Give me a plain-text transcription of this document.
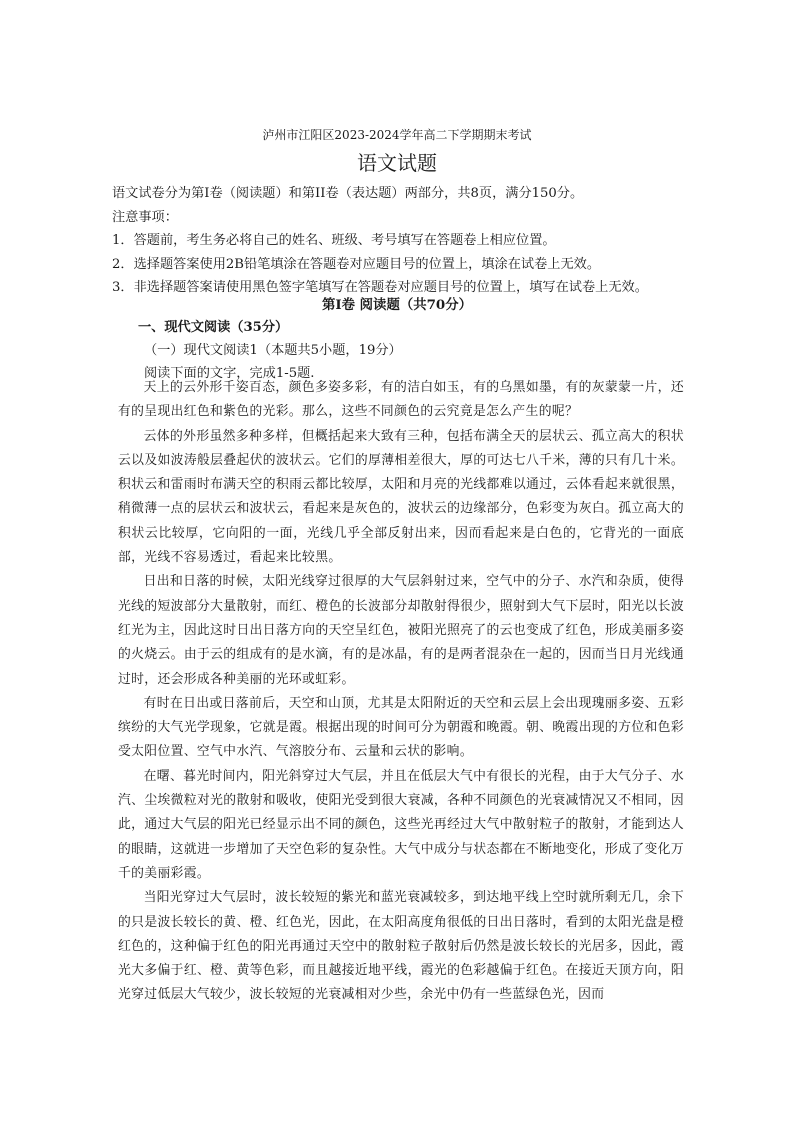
泸州市江阳区2023-2024学年高二下学期期末考试
语文试题

语文试卷分为第I卷（阅读题）和第II卷（表达题）两部分，共8页，满分150分。

注意事项：

1．答题前，考生务必将自己的姓名、班级、考号填写在答题卷上相应位置。

2．选择题答案使用2B铅笔填涂在答题卷对应题目号的位置上，填涂在试卷上无效。

3．非选择题答案请使用黑色签字笔填写在答题卷对应题目号的位置上，填写在试卷上无效。

第I卷 阅读题（共70分）
一、现代文阅读（35分）
（一）现代文阅读1（本题共5小题，19分）
阅读下面的文字，完成1-5题.

天上的云外形千姿百态，颜色多姿多彩，有的洁白如玉，有的乌黑如墨，有的灰蒙蒙一片，还有的呈现出红色和紫色的光彩。那么，这些不同颜色的云究竟是怎么产生的呢？

云体的外形虽然多种多样，但概括起来大致有三种，包括布满全天的层状云、孤立高大的积状云以及如波涛般层叠起伏的波状云。它们的厚薄相差很大，厚的可达七八千米，薄的只有几十米。积状云和雷雨时布满天空的积雨云都比较厚，太阳和月亮的光线都难以通过，云体看起来就很黑，稍微薄一点的层状云和波状云，看起来是灰色的，波状云的边缘部分，色彩变为灰白。孤立高大的积状云比较厚，它向阳的一面，光线几乎全部反射出来，因而看起来是白色的，它背光的一面底部，光线不容易透过，看起来比较黑。

日出和日落的时候，太阳光线穿过很厚的大气层斜射过来，空气中的分子、水汽和杂质，使得光线的短波部分大量散射，而红、橙色的长波部分却散射得很少，照射到大气下层时，阳光以长波红光为主，因此这时日出日落方向的天空呈红色，被阳光照亮了的云也变成了红色，形成美丽多姿的火烧云。由于云的组成有的是水滴，有的是冰晶，有的是两者混杂在一起的，因而当日月光线通过时，还会形成各种美丽的光环或虹彩。

有时在日出或日落前后，天空和山顶，尤其是太阳附近的天空和云层上会出现瑰丽多姿、五彩缤纷的大气光学现象，它就是霞。根据出现的时间可分为朝霞和晚霞。朝、晚霞出现的方位和色彩受太阳位置、空气中水汽、气溶胶分布、云量和云状的影响。

在曙、暮光时间内，阳光斜穿过大气层，并且在低层大气中有很长的光程，由于大气分子、水汽、尘埃微粒对光的散射和吸收，使阳光受到很大衰减，各种不同颜色的光衰减情况又不相同，因此，通过大气层的阳光已经显示出不同的颜色，这些光再经过大气中散射粒子的散射，才能到达人的眼睛，这就进一步增加了天空色彩的复杂性。大气中成分与状态都在不断地变化，形成了变化万千的美丽彩霞。

当阳光穿过大气层时，波长较短的紫光和蓝光衰减较多，到达地平线上空时就所剩无几，余下的只是波长较长的黄、橙、红色光，因此，在太阳高度角很低的日出日落时，看到的太阳光盘是橙红色的，这种偏于红色的阳光再通过天空中的散射粒子散射后仍然是波长较长的光居多，因此，霞光大多偏于红、橙、黄等色彩，而且越接近地平线，霞光的色彩越偏于红色。在接近天顶方向，阳光穿过低层大气较少，波长较短的光衰减相对少些，余光中仍有一些蓝绿色光，因而
